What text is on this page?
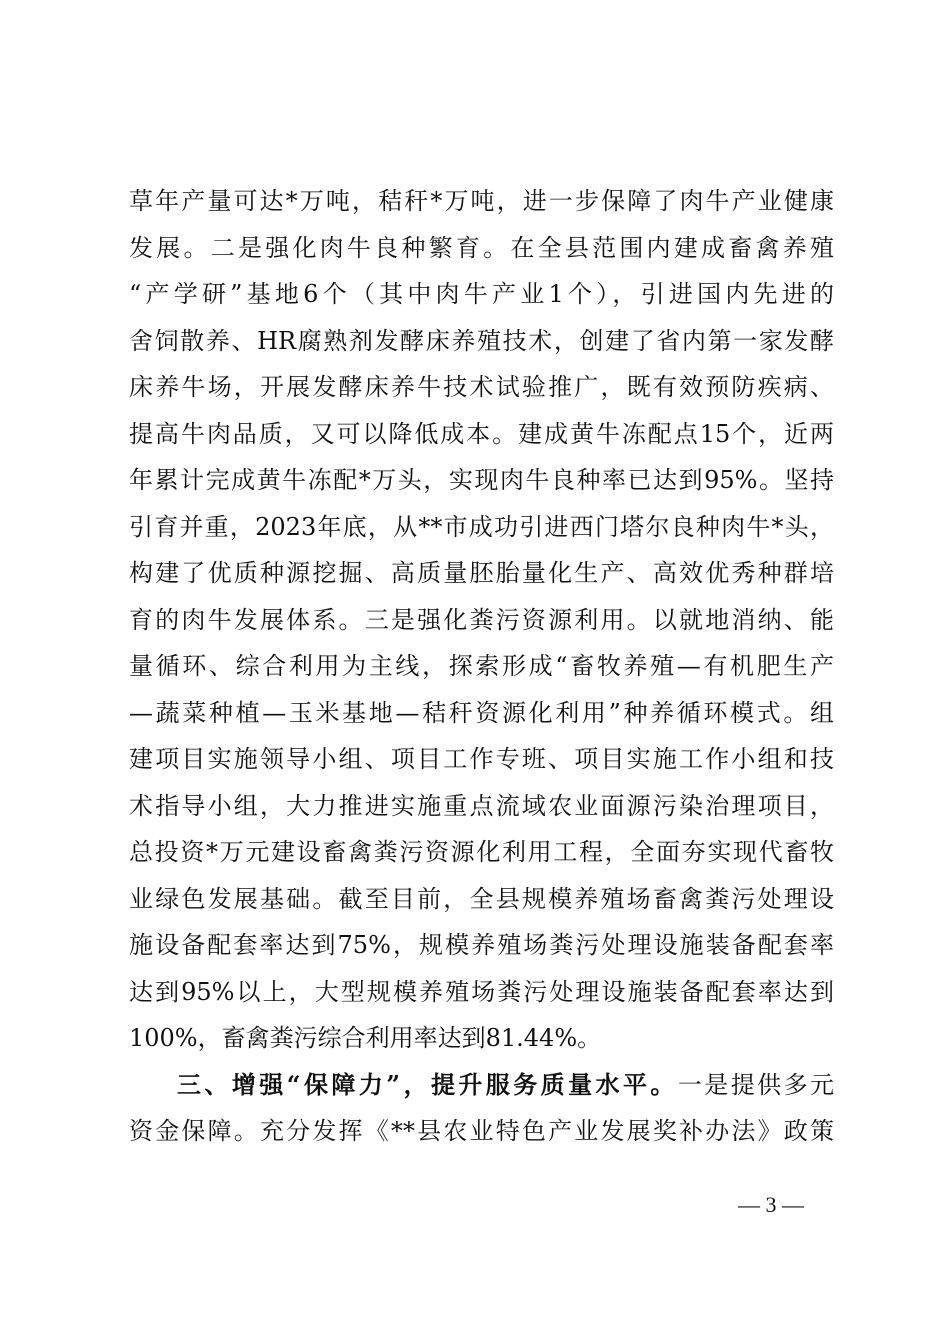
草年产量可达*万吨，秸秆*万吨，进一步保障了肉牛产业健康
发展。二是强化肉牛良种繁育。在全县范围内建成畜禽养殖
“产学研”基地6个（其中肉牛产业1个），引进国内先进的
舍饲散养、HR腐熟剂发酵床养殖技术，创建了省内第一家发酵
床养牛场，开展发酵床养牛技术试验推广，既有效预防疾病、
提高牛肉品质，又可以降低成本。建成黄牛冻配点15个，近两
年累计完成黄牛冻配*万头，实现肉牛良种率已达到95%。坚持
引育并重，2023年底，从**市成功引进西门塔尔良种肉牛*头，
构建了优质种源挖掘、高质量胚胎量化生产、高效优秀种群培
育的肉牛发展体系。三是强化粪污资源利用。以就地消纳、能
量循环、综合利用为主线，探索形成“畜牧养殖—有机肥生产
—蔬菜种植—玉米基地—秸秆资源化利用”种养循环模式。组
建项目实施领导小组、项目工作专班、项目实施工作小组和技
术指导小组，大力推进实施重点流域农业面源污染治理项目，
总投资*万元建设畜禽粪污资源化利用工程，全面夯实现代畜牧
业绿色发展基础。截至目前，全县规模养殖场畜禽粪污处理设
施设备配套率达到75%，规模养殖场粪污处理设施装备配套率
达到95%以上，大型规模养殖场粪污处理设施装备配套率达到
100%，畜禽粪污综合利用率达到81.44%。
三、增强“保障力”，提升服务质量水平。一是提供多元
资金保障。充分发挥《**县农业特色产业发展奖补办法》政策
— 3 —
